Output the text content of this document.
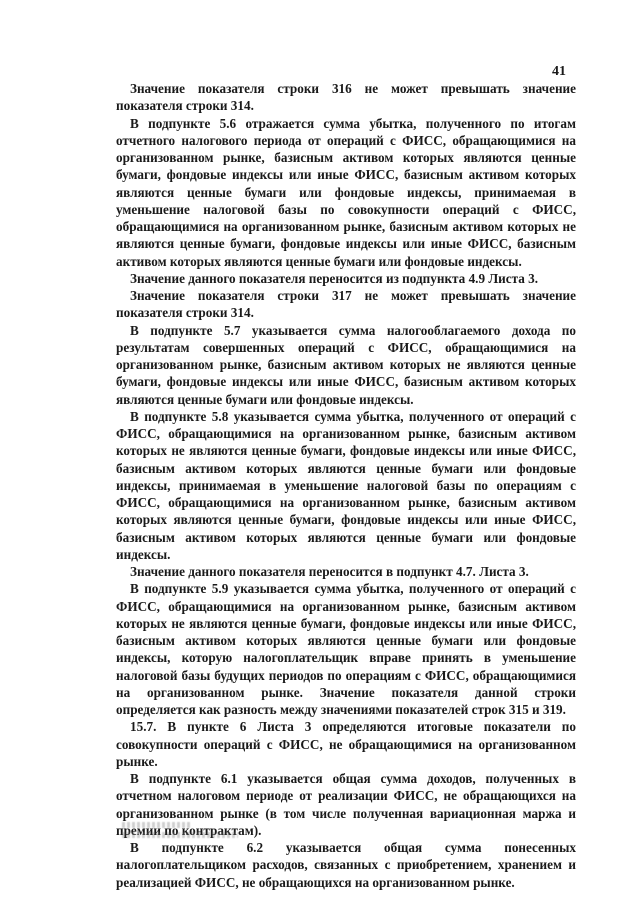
41

Значение показателя строки 316 не может превышать значение показателя строки 314.

В подпункте 5.6 отражается сумма убытка, полученного по итогам отчетного налогового периода от операций с ФИСС, обращающимися на организованном рынке, базисным активом которых являются ценные бумаги, фондовые индексы или иные ФИСС, базисным активом которых являются ценные бумаги или фондовые индексы, принимаемая в уменьшение налоговой базы по совокупности операций с ФИСС, обращающимися на организованном рынке, базисным активом которых не являются ценные бумаги, фондовые индексы или иные ФИСС, базисным активом которых являются ценные бумаги или фондовые индексы.

Значение данного показателя переносится из подпункта 4.9 Листа 3.

Значение показателя строки 317 не может превышать значение показателя строки 314.

В подпункте 5.7 указывается сумма налогооблагаемого дохода по результатам совершенных операций с ФИСС, обращающимися на организованном рынке, базисным активом которых не являются ценные бумаги, фондовые индексы или иные ФИСС, базисным активом которых являются ценные бумаги или фондовые индексы.

В подпункте 5.8 указывается сумма убытка, полученного от операций с ФИСС, обращающимися на организованном рынке, базисным активом которых не являются ценные бумаги, фондовые индексы или иные ФИСС, базисным активом которых являются ценные бумаги или фондовые индексы, принимаемая в уменьшение налоговой базы по операциям с ФИСС, обращающимися на организованном рынке, базисным активом которых являются ценные бумаги, фондовые индексы или иные ФИСС, базисным активом которых являются ценные бумаги или фондовые индексы.

Значение данного показателя переносится в подпункт 4.7. Листа 3.

В подпункте 5.9 указывается сумма убытка, полученного от операций с ФИСС, обращающимися на организованном рынке, базисным активом которых не являются ценные бумаги, фондовые индексы или иные ФИСС, базисным активом которых являются ценные бумаги или фондовые индексы, которую налогоплательщик вправе принять в уменьшение налоговой базы будущих периодов по операциям с ФИСС, обращающимися на организованном рынке. Значение показателя данной строки определяется как разность между значениями показателей строк 315 и 319.

15.7. В пункте 6 Листа 3 определяются итоговые показатели по совокупности операций с ФИСС, не обращающимися на организованном рынке.

В подпункте 6.1 указывается общая сумма доходов, полученных в отчетном налоговом периоде от реализации ФИСС, не обращающихся на организованном рынке (в том числе полученная вариационная маржа и премии по контрактам).

В подпункте 6.2 указывается общая сумма понесенных налогоплательщиком расходов, связанных с приобретением, хранением и реализацией ФИСС, не обращающихся на организованном рынке.
